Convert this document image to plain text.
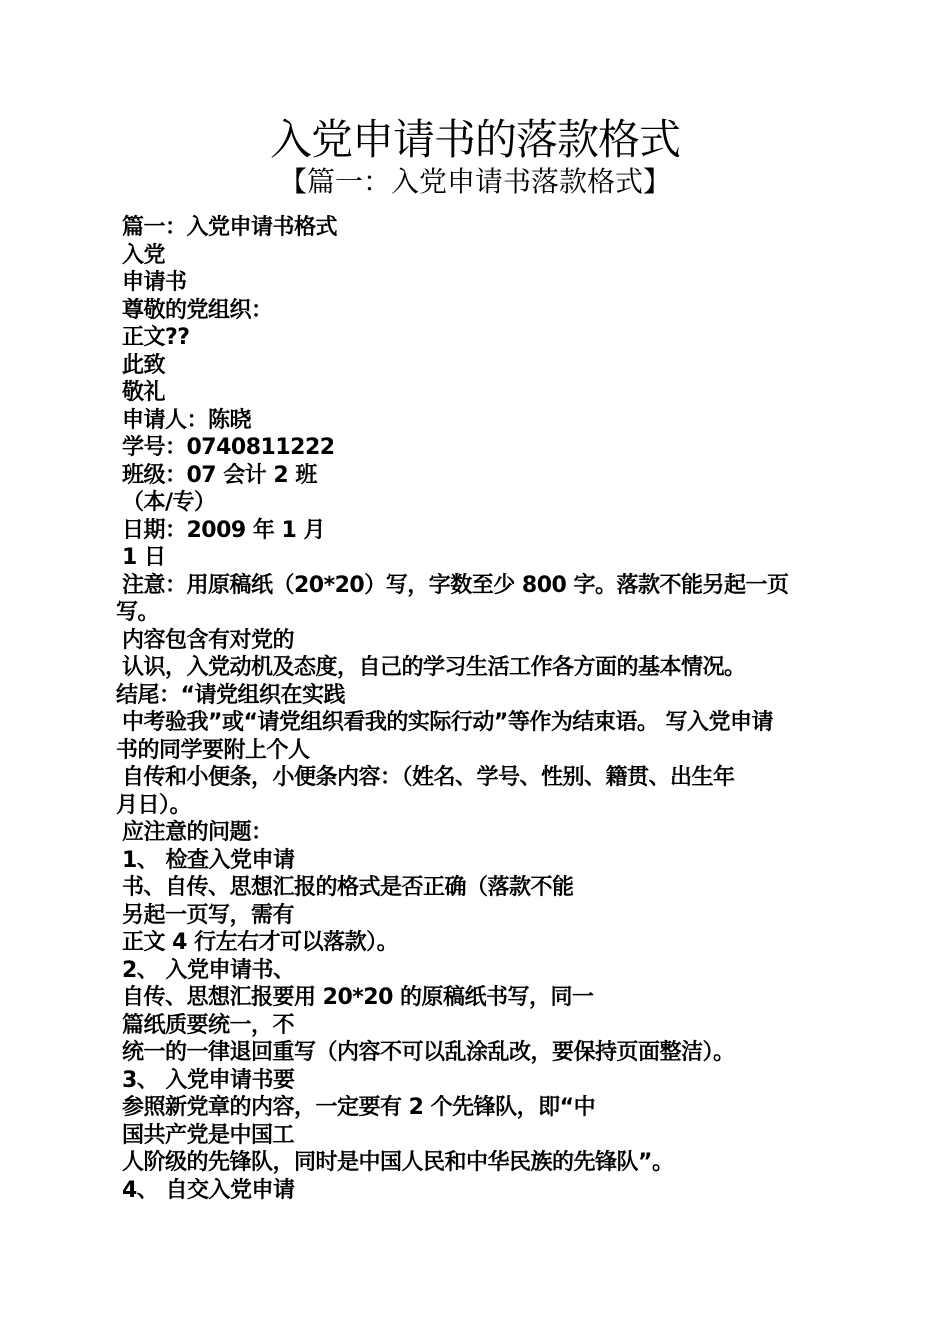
入党申请书的落款格式
【篇一：入党申请书落款格式】
篇一：入党申请书格式
入党
申请书
尊敬的党组织：
正文??
此致
敬礼
申请人：陈晓
学号：0740811222
班级：07 会计 2 班
（本/专）
日期：2009 年 1 月
1 日
注意：用原稿纸（20*20）写，字数至少 800 字。落款不能另起一页
写。
内容包含有对党的
认识，入党动机及态度，自己的学习生活工作各方面的基本情况。
结尾：“请党组织在实践
中考验我”或“请党组织看我的实际行动”等作为结束语。 写入党申请
书的同学要附上个人
自传和小便条，小便条内容：（姓名、学号、性别、籍贯、出生年
月日）。
应注意的问题：
1、 检查入党申请
书、自传、思想汇报的格式是否正确（落款不能
另起一页写，需有
正文 4 行左右才可以落款）。
2、 入党申请书、
自传、思想汇报要用 20*20 的原稿纸书写，同一
篇纸质要统一，不
统一的一律退回重写（内容不可以乱涂乱改，要保持页面整洁）。
3、 入党申请书要
参照新党章的内容，一定要有 2 个先锋队，即“中
国共产党是中国工
人阶级的先锋队，同时是中国人民和中华民族的先锋队”。
4、 自交入党申请
